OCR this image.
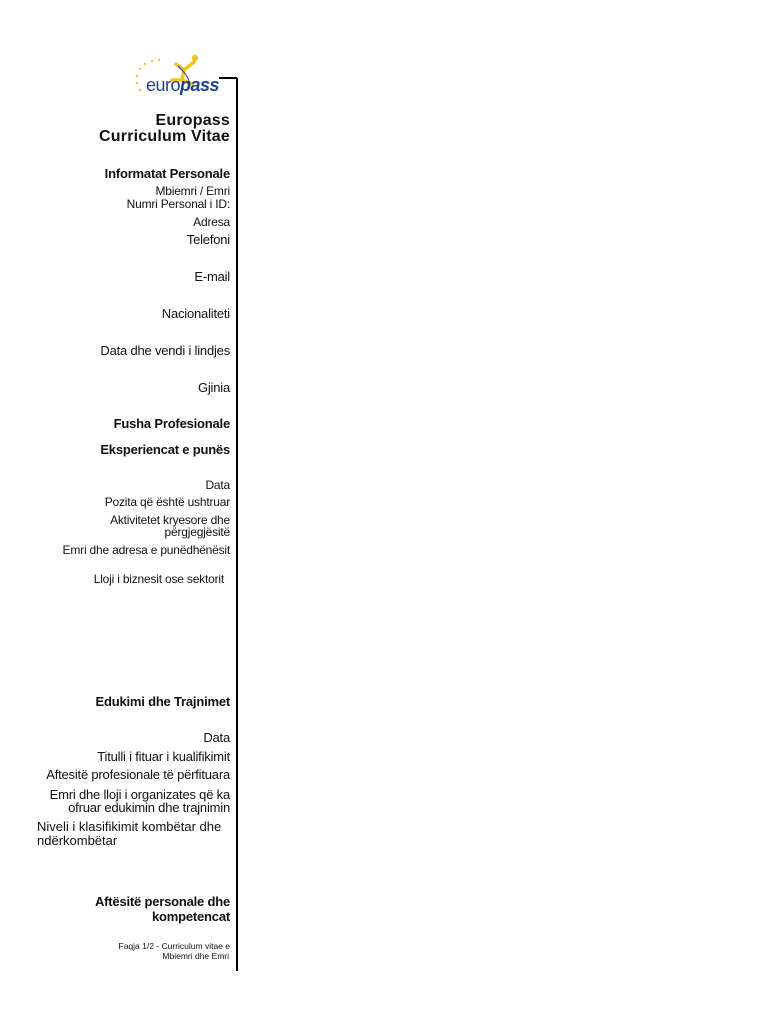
europass
Europass
Curriculum Vitae
Informatat Personale
Mbiemri / Emri
Numri Personal i ID:
Adresa
Telefoni
E-mail
Nacionaliteti
Data dhe vendi i lindjes
Gjinia
Fusha Profesionale
Eksperiencat e punës
Data
Pozita që është ushtruar
Aktivitetet kryesore dhe
përgjegjësitë
Emri dhe adresa e punëdhënësit
Lloji i biznesit ose sektorit
Edukimi dhe Trajnimet
Data
Titulli i fituar i kualifikimit
Aftesitë profesionale të përfituara
Emri dhe lloji i organizates që ka
ofruar edukimin dhe trajnimin
Niveli i klasifikimit kombëtar dhe
ndërkombëtar
Aftësitë personale dhe
kompetencat
Faqja 1/2 - Curriculum vitae e
Mbiemri dhe Emri
